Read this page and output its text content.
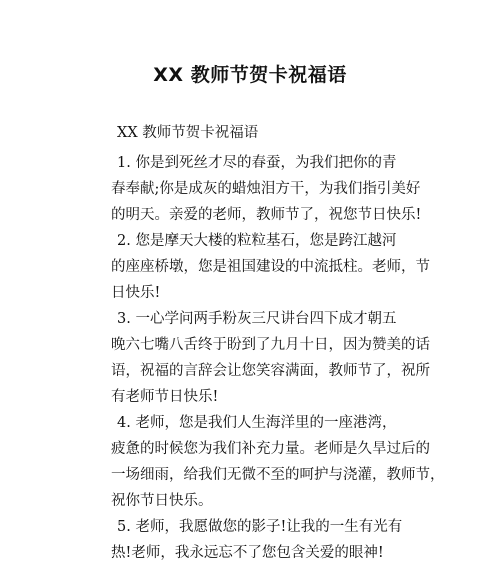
XX 教师节贺卡祝福语
XX 教师节贺卡祝福语
1. 你是到死丝才尽的春蚕，为我们把你的青
春奉献;你是成灰的蜡烛泪方干，为我们指引美好
的明天。亲爱的老师，教师节了，祝您节日快乐!
2. 您是摩天大楼的粒粒基石，您是跨江越河
的座座桥墩，您是祖国建设的中流抵柱。老师，节
日快乐!
3. 一心学问两手粉灰三尺讲台四下成才朝五
晚六七嘴八舌终于盼到了九月十日，因为赞美的话
语，祝福的言辞会让您笑容满面，教师节了，祝所
有老师节日快乐!
4. 老师，您是我们人生海洋里的一座港湾，
疲惫的时候您为我们补充力量。老师是久旱过后的
一场细雨，给我们无微不至的呵护与浇灌，教师节，
祝你节日快乐。
5. 老师，我愿做您的影子!让我的一生有光有
热!老师，我永远忘不了您包含关爱的眼神!
